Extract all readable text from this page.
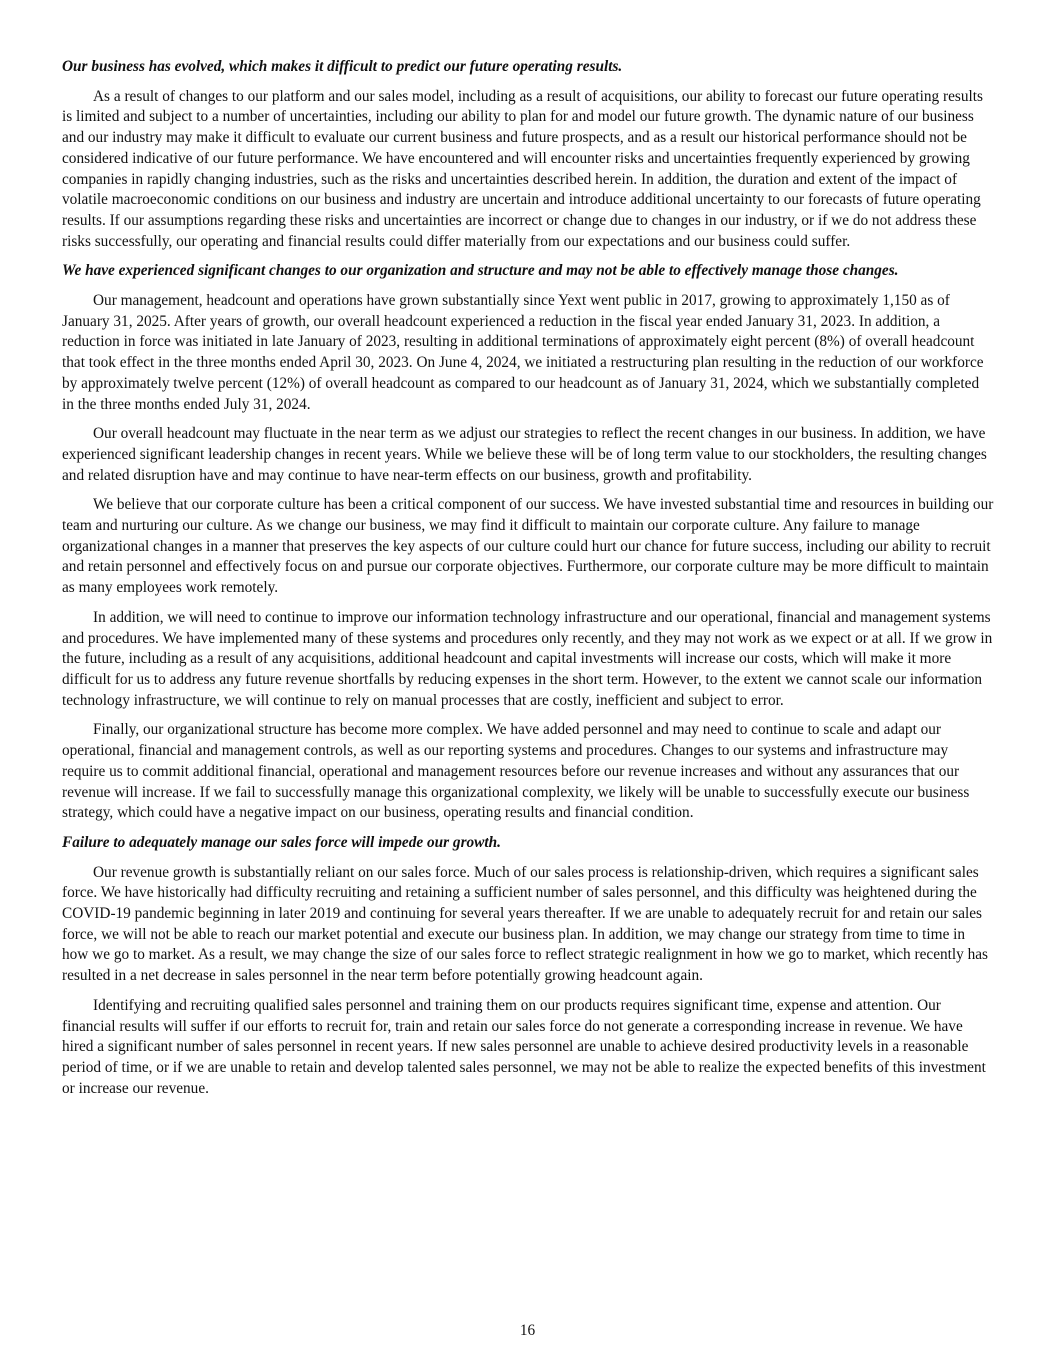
Our business has evolved, which makes it difficult to predict our future operating results.

As a result of changes to our platform and our sales model, including as a result of acquisitions, our ability to forecast our future operating results is limited and subject to a number of uncertainties, including our ability to plan for and model our future growth. The dynamic nature of our business and our industry may make it difficult to evaluate our current business and future prospects, and as a result our historical performance should not be considered indicative of our future performance. We have encountered and will encounter risks and uncertainties frequently experienced by growing companies in rapidly changing industries, such as the risks and uncertainties described herein. In addition, the duration and extent of the impact of volatile macroeconomic conditions on our business and industry are uncertain and introduce additional uncertainty to our forecasts of future operating results. If our assumptions regarding these risks and uncertainties are incorrect or change due to changes in our industry, or if we do not address these risks successfully, our operating and financial results could differ materially from our expectations and our business could suffer.

We have experienced significant changes to our organization and structure and may not be able to effectively manage those changes.

Our management, headcount and operations have grown substantially since Yext went public in 2017, growing to approximately 1,150 as of January 31, 2025. After years of growth, our overall headcount experienced a reduction in the fiscal year ended January 31, 2023. In addition, a reduction in force was initiated in late January of 2023, resulting in additional terminations of approximately eight percent (8%) of overall headcount that took effect in the three months ended April 30, 2023. On June 4, 2024, we initiated a restructuring plan resulting in the reduction of our workforce by approximately twelve percent (12%) of overall headcount as compared to our headcount as of January 31, 2024, which we substantially completed in the three months ended July 31, 2024.

Our overall headcount may fluctuate in the near term as we adjust our strategies to reflect the recent changes in our business. In addition, we have experienced significant leadership changes in recent years. While we believe these will be of long term value to our stockholders, the resulting changes and related disruption have and may continue to have near-term effects on our business, growth and profitability.

We believe that our corporate culture has been a critical component of our success. We have invested substantial time and resources in building our team and nurturing our culture. As we change our business, we may find it difficult to maintain our corporate culture. Any failure to manage organizational changes in a manner that preserves the key aspects of our culture could hurt our chance for future success, including our ability to recruit and retain personnel and effectively focus on and pursue our corporate objectives. Furthermore, our corporate culture may be more difficult to maintain as many employees work remotely.

In addition, we will need to continue to improve our information technology infrastructure and our operational, financial and management systems and procedures. We have implemented many of these systems and procedures only recently, and they may not work as we expect or at all. If we grow in the future, including as a result of any acquisitions, additional headcount and capital investments will increase our costs, which will make it more difficult for us to address any future revenue shortfalls by reducing expenses in the short term. However, to the extent we cannot scale our information technology infrastructure, we will continue to rely on manual processes that are costly, inefficient and subject to error.

Finally, our organizational structure has become more complex. We have added personnel and may need to continue to scale and adapt our operational, financial and management controls, as well as our reporting systems and procedures. Changes to our systems and infrastructure may require us to commit additional financial, operational and management resources before our revenue increases and without any assurances that our revenue will increase. If we fail to successfully manage this organizational complexity, we likely will be unable to successfully execute our business strategy, which could have a negative impact on our business, operating results and financial condition.

Failure to adequately manage our sales force will impede our growth.

Our revenue growth is substantially reliant on our sales force. Much of our sales process is relationship-driven, which requires a significant sales force. We have historically had difficulty recruiting and retaining a sufficient number of sales personnel, and this difficulty was heightened during the COVID-19 pandemic beginning in later 2019 and continuing for several years thereafter. If we are unable to adequately recruit for and retain our sales force, we will not be able to reach our market potential and execute our business plan. In addition, we may change our strategy from time to time in how we go to market. As a result, we may change the size of our sales force to reflect strategic realignment in how we go to market, which recently has resulted in a net decrease in sales personnel in the near term before potentially growing headcount again.

Identifying and recruiting qualified sales personnel and training them on our products requires significant time, expense and attention. Our financial results will suffer if our efforts to recruit for, train and retain our sales force do not generate a corresponding increase in revenue. We have hired a significant number of sales personnel in recent years. If new sales personnel are unable to achieve desired productivity levels in a reasonable period of time, or if we are unable to retain and develop talented sales personnel, we may not be able to realize the expected benefits of this investment or increase our revenue.

16
